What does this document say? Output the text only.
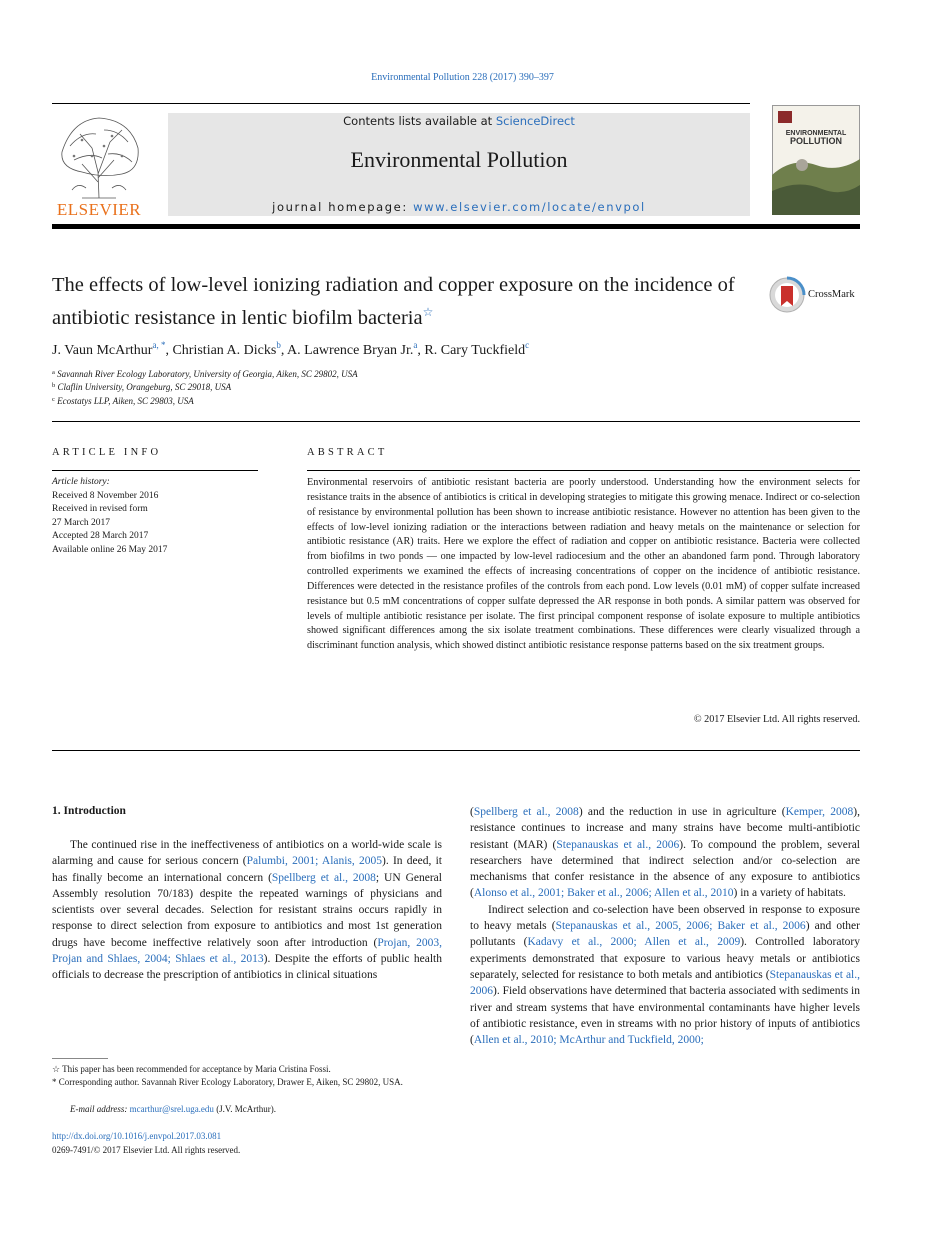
Environmental Pollution 228 (2017) 390–397
ELSEVIER
Contents lists available at ScienceDirect
Environmental Pollution
journal homepage: www.elsevier.com/locate/envpol
ENVIRONMENTAL
POLLUTION
The effects of low-level ionizing radiation and copper exposure on the incidence of antibiotic resistance in lentic biofilm bacteria☆
CrossMark
J. Vaun McArthur$^{a, *}$, Christian A. Dicks$^b$, A. Lawrence Bryan Jr.$^a$, R. Cary Tuckfield$^c$
$^a$ Savannah River Ecology Laboratory, University of Georgia, Aiken, SC 29802, USA
$^b$ Claflin University, Orangeburg, SC 29018, USA
$^c$ Ecostatys LLP, Aiken, SC 29803, USA
ARTICLE INFO	ABSTRACT
Article history:
Received 8 November 2016
Received in revised form
27 March 2017
Accepted 28 March 2017
Available online 26 May 2017
Environmental reservoirs of antibiotic resistant bacteria are poorly understood. Understanding how the environment selects for resistance traits in the absence of antibiotics is critical in developing strategies to mitigate this growing menace. Indirect or co-selection of resistance by environmental pollution has been shown to increase antibiotic resistance. However no attention has been given to the effects of low-level ionizing radiation or the interactions between radiation and heavy metals on the maintenance or selection for antibiotic resistance (AR) traits. Here we explore the effect of radiation and copper on antibiotic resistance. Bacteria were collected from biofilms in two ponds — one impacted by low-level radiocesium and the other an abandoned farm pond. Through laboratory controlled experiments we examined the effects of increasing concentrations of copper on the incidence of antibiotic resistance. Differences were detected in the resistance profiles of the controls from each pond. Low levels (0.01 mM) of copper sulfate increased resistance but 0.5 mM concentrations of copper sulfate depressed the AR response in both ponds. A similar pattern was observed for levels of multiple antibiotic resistance per isolate. The first principal component response of isolate exposure to multiple antibiotics showed significant differences among the six isolate treatment combinations. These differences were clearly visualized through a discriminant function analysis, which showed distinct antibiotic resistance response patterns based on the six treatment groups.
© 2017 Elsevier Ltd. All rights reserved.
1. Introduction

The continued rise in the ineffectiveness of antibiotics on a world-wide scale is alarming and cause for serious concern (Palumbi, 2001; Alanis, 2005). In deed, it has finally become an international concern (Spellberg et al., 2008; UN General Assembly resolution 70/183) despite the repeated warnings of physicians and scientists over several decades. Selection for resistant strains occurs rapidly in response to direct selection from exposure to antibiotics and most 1st generation drugs have become ineffective relatively soon after introduction (Projan, 2003, Projan and Shlaes, 2004; Shlaes et al., 2013). Despite the efforts of public health officials to decrease the prescription of antibiotics in clinical situations

(Spellberg et al., 2008) and the reduction in use in agriculture (Kemper, 2008), resistance continues to increase and many strains have become multi-antibiotic resistant (MAR) (Stepanauskas et al., 2006). To compound the problem, several researchers have determined that indirect selection and/or co-selection are mechanisms that confer resistance in the absence of any exposure to antibiotics (Alonso et al., 2001; Baker et al., 2006; Allen et al., 2010) in a variety of habitats.

Indirect selection and co-selection have been observed in response to exposure to heavy metals (Stepanauskas et al., 2005, 2006; Baker et al., 2006) and other pollutants (Kadavy et al., 2000; Allen et al., 2009). Controlled laboratory experiments demonstrated that exposure to various heavy metals or antibiotics separately, selected for resistance to both metals and antibiotics (Stepanauskas et al., 2006). Field observations have determined that bacteria associated with sediments in river and stream systems that have environmental contaminants have higher levels of antibiotic resistance, even in streams with no prior history of inputs of antibiotics (Allen et al., 2010; McArthur and Tuckfield, 2000;

☆ This paper has been recommended for acceptance by Maria Cristina Fossi.
* Corresponding author. Savannah River Ecology Laboratory, Drawer E, Aiken, SC 29802, USA.
E-mail address: mcarthur@srel.uga.edu (J.V. McArthur).
http://dx.doi.org/10.1016/j.envpol.2017.03.081
0269-7491/© 2017 Elsevier Ltd. All rights reserved.
